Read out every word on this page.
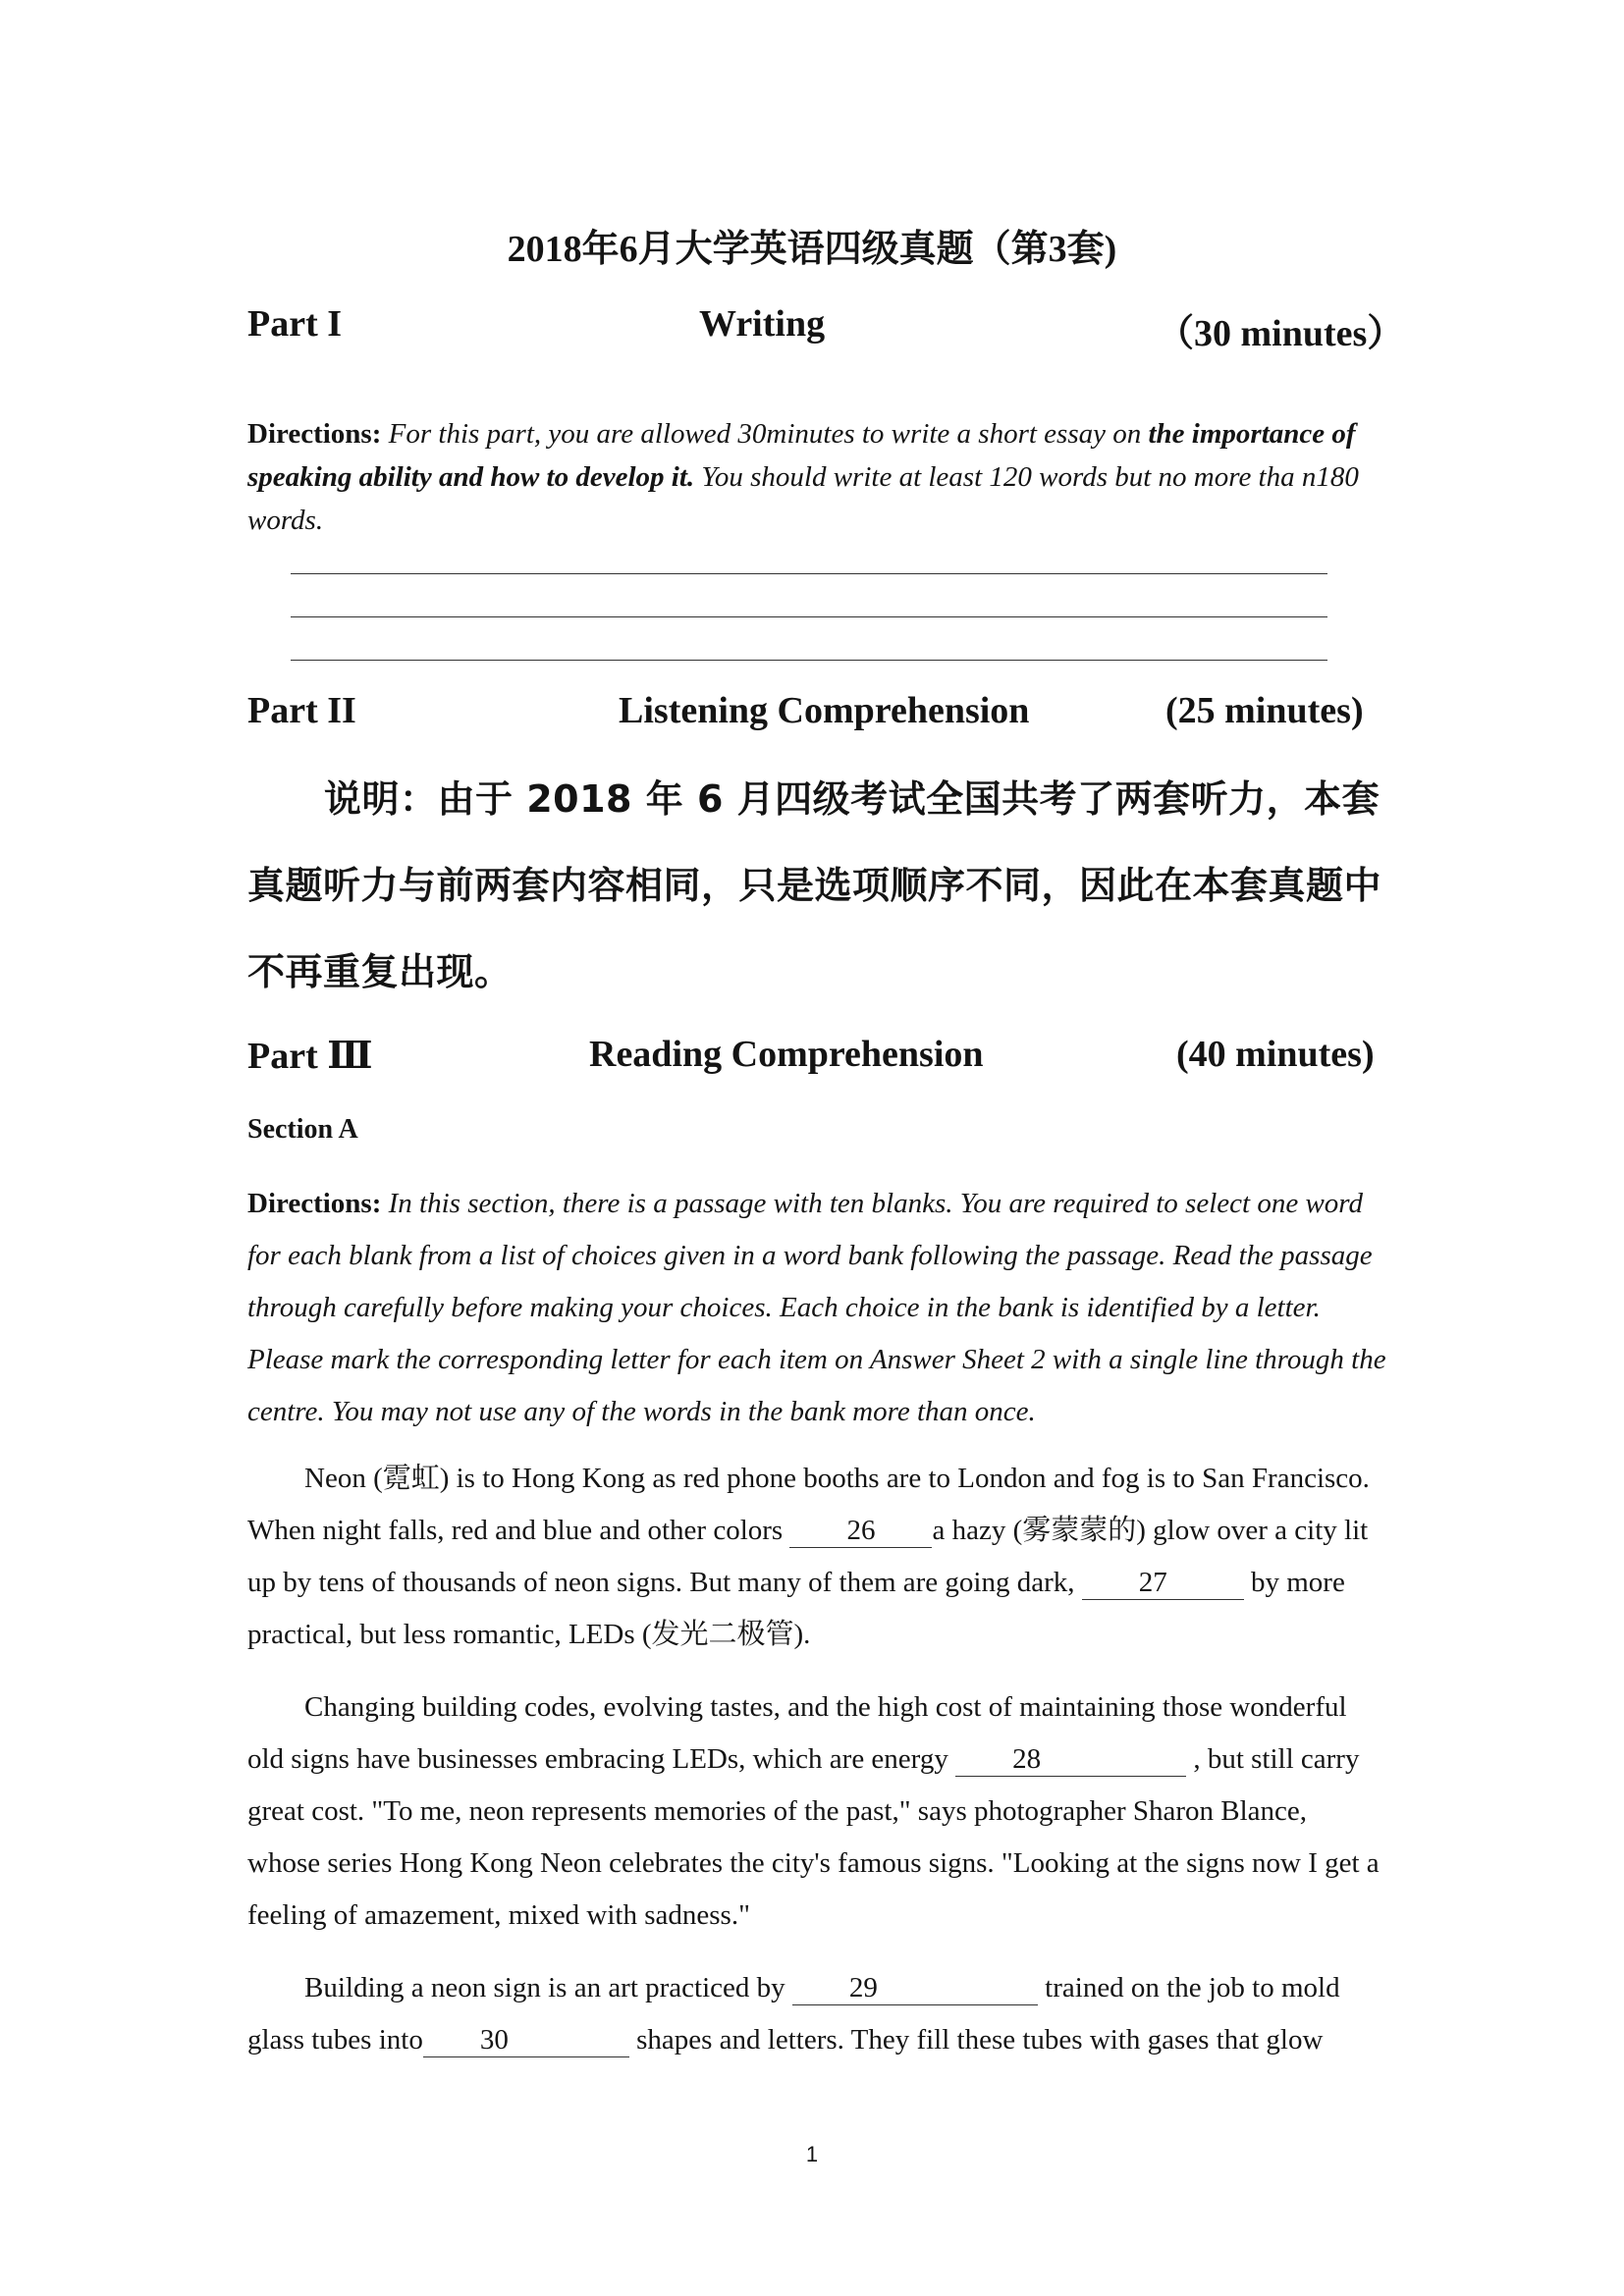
2018年6月大学英语四级真题（第3套)
Part I	Writing	（30 minutes）
Directions: For this part, you are allowed 30minutes to write a short essay on the importance of speaking ability and how to develop it. You should write at least 120 words but no more tha n180 words.
Part II	Listening Comprehension	(25 minutes)
说明：由于 2018 年 6 月四级考试全国共考了两套听力，本套真题听力与前两套内容相同，只是选项顺序不同，因此在本套真题中不再重复出现。
Part Ⅲ	Reading Comprehension	(40 minutes)
Section A
Directions: In this section, there is a passage with ten blanks. You are required to select one word for each blank from a list of choices given in a word bank following the passage. Read the passage through carefully before making your choices. Each choice in the bank is identified by a letter. Please mark the corresponding letter for each item on Answer Sheet 2 with a single line through the centre. You may not use any of the words in the bank more than once.

Neon (霓虹) is to Hong Kong as red phone booths are to London and fog is to San Francisco. When night falls, red and blue and other colors 26 a hazy (雾蒙蒙的) glow over a city lit up by tens of thousands of neon signs. But many of them are going dark, 27	by more practical, but less romantic, LEDs (发光二极管).

Changing building codes, evolving tastes, and the high cost of maintaining those wonderful old signs have businesses embracing LEDs, which are energy 28	, but still carry great cost. "To me, neon represents memories of the past," says photographer Sharon Blance, whose series Hong Kong Neon celebrates the city's famous signs. "Looking at the signs now I get a feeling of amazement, mixed with sadness."

Building a neon sign is an art practiced by 29	trained on the job to mold glass tubes into 30	shapes and letters. They fill these tubes with gases that glow

1
